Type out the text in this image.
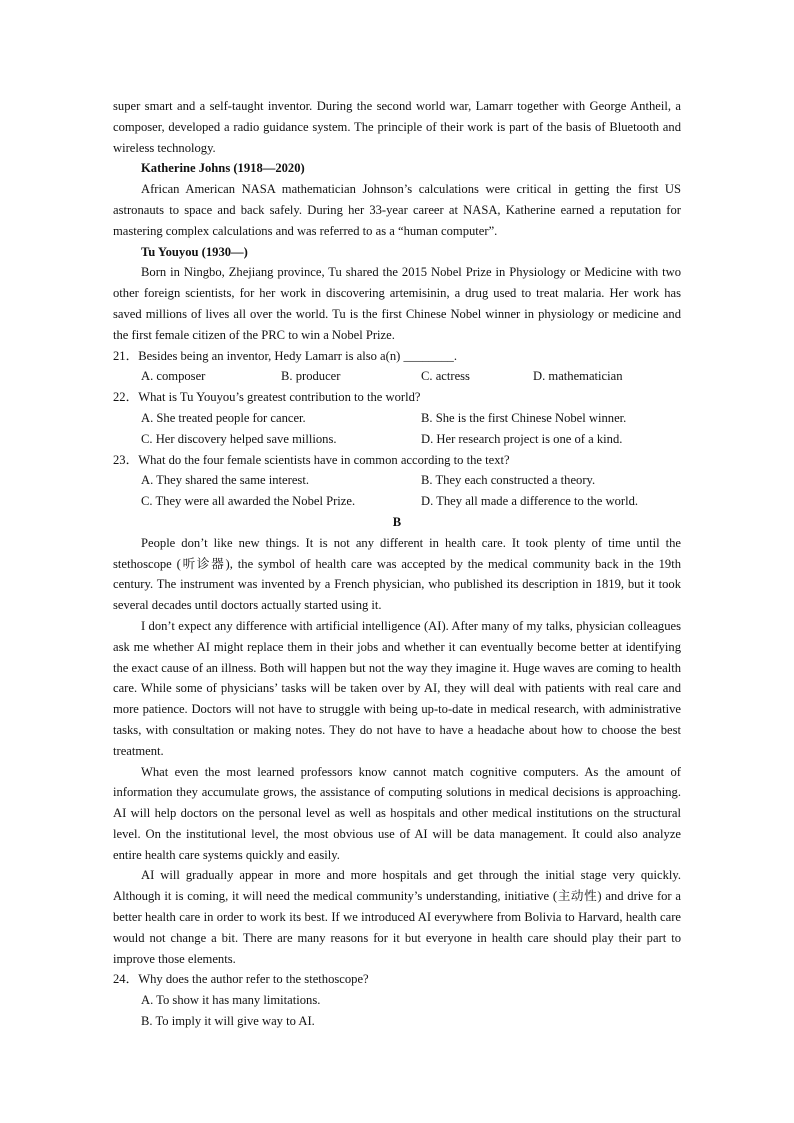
super smart and a self-taught inventor. During the second world war, Lamarr together with George Antheil, a composer, developed a radio guidance system. The principle of their work is part of the basis of Bluetooth and wireless technology.

Katherine Johns (1918—2020)

African American NASA mathematician Johnson’s calculations were critical in getting the first US astronauts to space and back safely. During her 33-year career at NASA, Katherine earned a reputation for mastering complex calculations and was referred to as a “human computer”.

Tu Youyou (1930—)

Born in Ningbo, Zhejiang province, Tu shared the 2015 Nobel Prize in Physiology or Medicine with two other foreign scientists, for her work in discovering artemisinin, a drug used to treat malaria. Her work has saved millions of lives all over the world. Tu is the first Chinese Nobel winner in physiology or medicine and the first female citizen of the PRC to win a Nobel Prize.

21．Besides being an inventor, Hedy Lamarr is also a(n) ________.

A. composer	B. producer	C. actress	D. mathematician

22．What is Tu Youyou’s greatest contribution to the world?

A. She treated people for cancer.	B. She is the first Chinese Nobel winner.
C. Her discovery helped save millions.	D. Her research project is one of a kind.

23．What do the four female scientists have in common according to the text?

A. They shared the same interest.	B. They each constructed a theory.
C. They were all awarded the Nobel Prize.	D. They all made a difference to the world.

B

People don’t like new things. It is not any different in health care. It took plenty of time until the stethoscope (听诊器), the symbol of health care was accepted by the medical community back in the 19th century. The instrument was invented by a French physician, who published its description in 1819, but it took several decades until doctors actually started using it.

I don’t expect any difference with artificial intelligence (AI). After many of my talks, physician colleagues ask me whether AI might replace them in their jobs and whether it can eventually become better at identifying the exact cause of an illness. Both will happen but not the way they imagine it. Huge waves are coming to health care. While some of physicians’ tasks will be taken over by AI, they will deal with patients with real care and more patience. Doctors will not have to struggle with being up-to-date in medical research, with administrative tasks, with consultation or making notes. They do not have to have a headache about how to choose the best treatment.

What even the most learned professors know cannot match cognitive computers. As the amount of information they accumulate grows, the assistance of computing solutions in medical decisions is approaching. AI will help doctors on the personal level as well as hospitals and other medical institutions on the structural level. On the institutional level, the most obvious use of AI will be data management. It could also analyze entire health care systems quickly and easily.

AI will gradually appear in more and more hospitals and get through the initial stage very quickly. Although it is coming, it will need the medical community’s understanding, initiative (主动性) and drive for a better health care in order to work its best. If we introduced AI everywhere from Bolivia to Harvard, health care would not change a bit. There are many reasons for it but everyone in health care should play their part to improve those elements.

24．Why does the author refer to the stethoscope?

A. To show it has many limitations.
B. To imply it will give way to AI.
